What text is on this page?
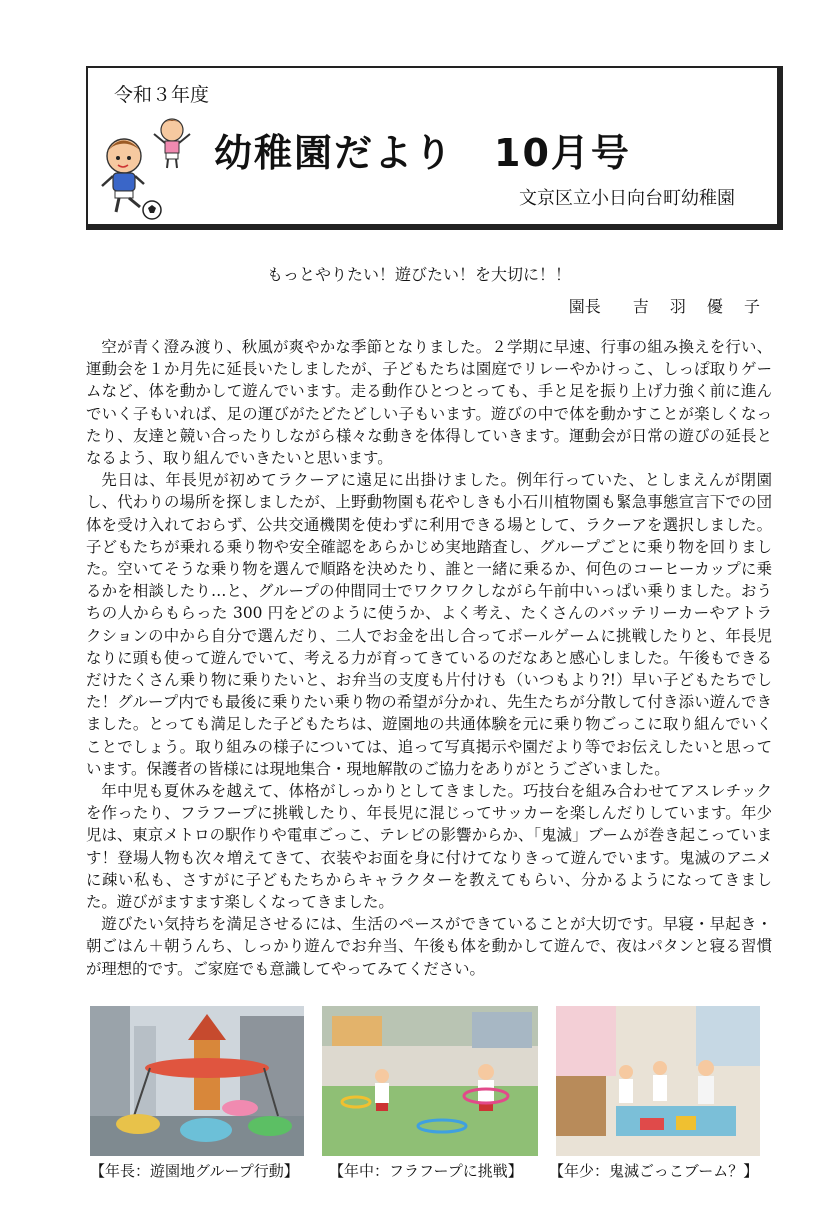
令和３年度
幼稚園だより　10月号
文京区立小日向台町幼稚園
もっとやりたい！遊びたい！を大切に！！
園長 吉 羽 優 子

空が青く澄み渡り、秋風が爽やかな季節となりました。２学期に早速、行事の組み換えを行い、運動会を１か月先に延長いたしましたが、子どもたちは園庭でリレーやかけっこ、しっぽ取りゲームなど、体を動かして遊んでいます。走る動作ひとつとっても、手と足を振り上げ力強く前に進んでいく子もいれば、足の運びがたどたどしい子もいます。遊びの中で体を動かすことが楽しくなったり、友達と競い合ったりしながら様々な動きを体得していきます。運動会が日常の遊びの延長となるよう、取り組んでいきたいと思います。

先日は、年長児が初めてラクーアに遠足に出掛けました。例年行っていた、としまえんが閉園し、代わりの場所を探しましたが、上野動物園も花やしきも小石川植物園も緊急事態宣言下での団体を受け入れておらず、公共交通機関を使わずに利用できる場として、ラクーアを選択しました。子どもたちが乗れる乗り物や安全確認をあらかじめ実地踏査し、グループごとに乗り物を回りました。空いてそうな乗り物を選んで順路を決めたり、誰と一緒に乗るか、何色のコーヒーカップに乗るかを相談したり…と、グループの仲間同士でワクワクしながら午前中いっぱい乗りました。おうちの人からもらった 300 円をどのように使うか、よく考え、たくさんのバッテリーカーやアトラクションの中から自分で選んだり、二人でお金を出し合ってボールゲームに挑戦したりと、年長児なりに頭も使って遊んでいて、考える力が育ってきているのだなあと感心しました。午後もできるだけたくさん乗り物に乗りたいと、お弁当の支度も片付けも（いつもより?!）早い子どもたちでした！グループ内でも最後に乗りたい乗り物の希望が分かれ、先生たちが分散して付き添い遊んできました。とっても満足した子どもたちは、遊園地の共通体験を元に乗り物ごっこに取り組んでいくことでしょう。取り組みの様子については、追って写真掲示や園だより等でお伝えしたいと思っています。保護者の皆様には現地集合・現地解散のご協力をありがとうございました。

年中児も夏休みを越えて、体格がしっかりとしてきました。巧技台を組み合わせてアスレチックを作ったり、フラフープに挑戦したり、年長児に混じってサッカーを楽しんだりしています。年少児は、東京メトロの駅作りや電車ごっこ、テレビの影響からか、「鬼滅」ブームが巻き起こっています！登場人物も次々増えてきて、衣装やお面を身に付けてなりきって遊んでいます。鬼滅のアニメに疎い私も、さすがに子どもたちからキャラクターを教えてもらい、分かるようになってきました。遊びがますます楽しくなってきました。

遊びたい気持ちを満足させるには、生活のペースができていることが大切です。早寝・早起き・朝ごはん＋朝うんち、しっかり遊んでお弁当、午後も体を動かして遊んで、夜はパタンと寝る習慣が理想的です。ご家庭でも意識してやってみてください。

【年長：遊園地グループ行動】 【年中：フラフープに挑戦】 【年少：鬼滅ごっこブーム？】
